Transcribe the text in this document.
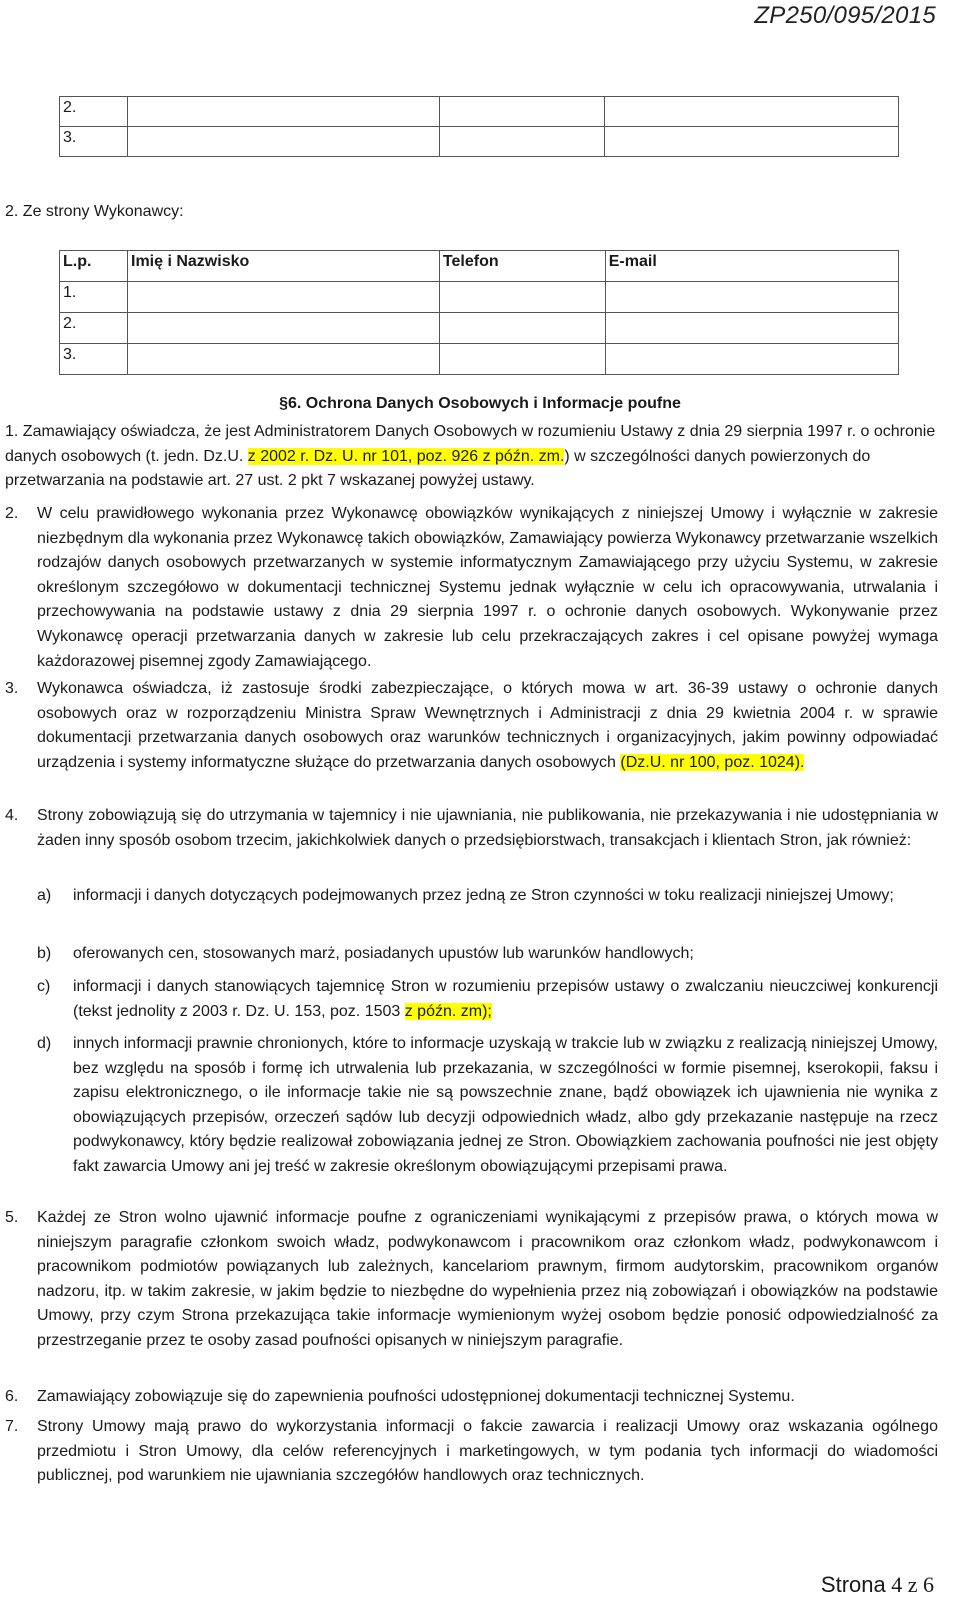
ZP250/095/2015
2.			
3.			
2. Ze strony Wykonawcy:
L.p.	Imię i Nazwisko	Telefon	E-mail
1.			
2.			
3.			
§6. Ochrona Danych Osobowych i Informacje poufne
1. Zamawiający oświadcza, że jest Administratorem Danych Osobowych w rozumieniu Ustawy z dnia 29 sierpnia 1997 r. o ochronie danych osobowych (t. jedn. Dz.U. z 2002 r. Dz. U. nr 101, poz. 926 z późn. zm.) w szczególności danych powierzonych do przetwarzania na podstawie art. 27 ust. 2 pkt 7 wskazanej powyżej ustawy.
2. W celu prawidłowego wykonania przez Wykonawcę obowiązków wynikających z niniejszej Umowy i wyłącznie w zakresie niezbędnym dla wykonania przez Wykonawcę takich obowiązków, Zamawiający powierza Wykonawcy przetwarzanie wszelkich rodzajów danych osobowych przetwarzanych w systemie informatycznym Zamawiającego przy użyciu Systemu, w zakresie określonym szczegółowo w dokumentacji technicznej Systemu jednak wyłącznie w celu ich opracowywania, utrwalania i przechowywania na podstawie ustawy z dnia 29 sierpnia 1997 r. o ochronie danych osobowych. Wykonywanie przez Wykonawcę operacji przetwarzania danych w zakresie lub celu przekraczających zakres i cel opisane powyżej wymaga każdorazowej pisemnej zgody Zamawiającego.
3. Wykonawca oświadcza, iż zastosuje środki zabezpieczające, o których mowa w art. 36-39 ustawy o ochronie danych osobowych oraz w rozporządzeniu Ministra Spraw Wewnętrznych i Administracji z dnia 29 kwietnia 2004 r. w sprawie dokumentacji przetwarzania danych osobowych oraz warunków technicznych i organizacyjnych, jakim powinny odpowiadać urządzenia i systemy informatyczne służące do przetwarzania danych osobowych (Dz.U. nr 100, poz. 1024).
4. Strony zobowiązują się do utrzymania w tajemnicy i nie ujawniania, nie publikowania, nie przekazywania i nie udostępniania w żaden inny sposób osobom trzecim, jakichkolwiek danych o przedsiębiorstwach, transakcjach i klientach Stron, jak również:
a) informacji i danych dotyczących podejmowanych przez jedną ze Stron czynności w toku realizacji niniejszej Umowy;
b) oferowanych cen, stosowanych marż, posiadanych upustów lub warunków handlowych;
c) informacji i danych stanowiących tajemnicę Stron w rozumieniu przepisów ustawy o zwalczaniu nieuczciwej konkurencji (tekst jednolity z 2003 r. Dz. U. 153, poz. 1503 z późn. zm);
d) innych informacji prawnie chronionych, które to informacje uzyskają w trakcie lub w związku z realizacją niniejszej Umowy, bez względu na sposób i formę ich utrwalenia lub przekazania, w szczególności w formie pisemnej, kserokopii, faksu i zapisu elektronicznego, o ile informacje takie nie są powszechnie znane, bądź obowiązek ich ujawnienia nie wynika z obowiązujących przepisów, orzeczeń sądów lub decyzji odpowiednich władz, albo gdy przekazanie następuje na rzecz podwykonawcy, który będzie realizował zobowiązania jednej ze Stron. Obowiązkiem zachowania poufności nie jest objęty fakt zawarcia Umowy ani jej treść w zakresie określonym obowiązującymi przepisami prawa.
5. Każdej ze Stron wolno ujawnić informacje poufne z ograniczeniami wynikającymi z przepisów prawa, o których mowa w niniejszym paragrafie członkom swoich władz, podwykonawcom i pracownikom oraz członkom władz, podwykonawcom i pracownikom podmiotów powiązanych lub zależnych, kancelariom prawnym, firmom audytorskim, pracownikom organów nadzoru, itp. w takim zakresie, w jakim będzie to niezbędne do wypełnienia przez nią zobowiązań i obowiązków na podstawie Umowy, przy czym Strona przekazująca takie informacje wymienionym wyżej osobom będzie ponosić odpowiedzialność za przestrzeganie przez te osoby zasad poufności opisanych w niniejszym paragrafie.
6. Zamawiający zobowiązuje się do zapewnienia poufności udostępnionej dokumentacji technicznej Systemu.
7. Strony Umowy mają prawo do wykorzystania informacji o fakcie zawarcia i realizacji Umowy oraz wskazania ogólnego przedmiotu i Stron Umowy, dla celów referencyjnych i marketingowych, w tym podania tych informacji do wiadomości publicznej, pod warunkiem nie ujawniania szczegółów handlowych oraz technicznych.
Strona 4 z 6
